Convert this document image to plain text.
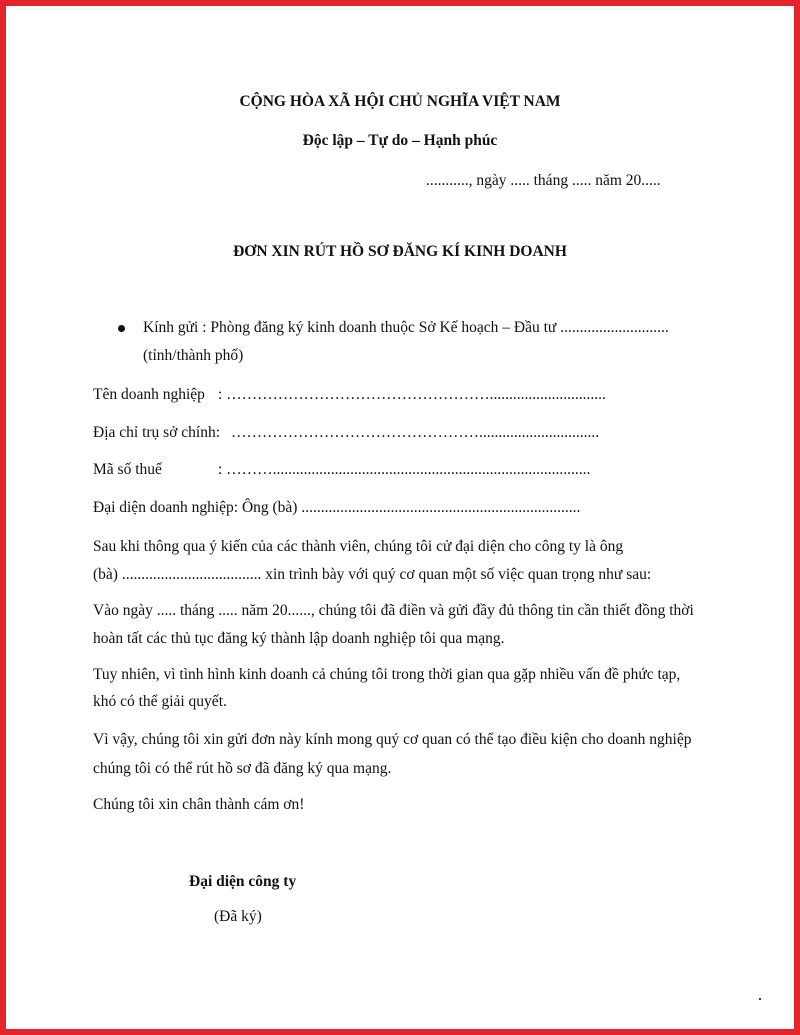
CỘNG HÒA XÃ HỘI CHỦ NGHĨA VIỆT NAM
Độc lập – Tự do – Hạnh phúc
..........., ngày ..... tháng ..... năm 20.....
ĐƠN XIN RÚT HỒ SƠ ĐĂNG KÍ KINH DOANH
Kính gửi : Phòng đăng ký kinh doanh thuộc Sở Kế hoạch – Đầu tư ............................
(tỉnh/thành phố)
Tên doanh nghiệp : ……………………………………………..............................
Địa chỉ trụ sở chính: …………………………………………...............................
Mã số thuế	: ………..................................................................................
Đại diện doanh nghiệp: Ông (bà) ........................................................................
Sau khi thông qua ý kiến của các thành viên, chúng tôi cử đại diện cho công ty là ông
(bà) .................................... xin trình bày với quý cơ quan một số việc quan trọng như sau:
Vào ngày ..... tháng ..... năm 20......, chúng tôi đã điền và gửi đầy đủ thông tin cần thiết đồng thời
hoàn tất các thủ tục đăng ký thành lập doanh nghiệp tôi qua mạng.
Tuy nhiên, vì tình hình kinh doanh cả chúng tôi trong thời gian qua gặp nhiều vấn đề phức tạp,
khó có thể giải quyết.
Vì vậy, chúng tôi xin gửi đơn này kính mong quý cơ quan có thể tạo điều kiện cho doanh nghiệp
chúng tôi có thể rút hồ sơ đã đăng ký qua mạng.
Chúng tôi xin chân thành cám ơn!
Đại diện công ty
(Đã ký)
